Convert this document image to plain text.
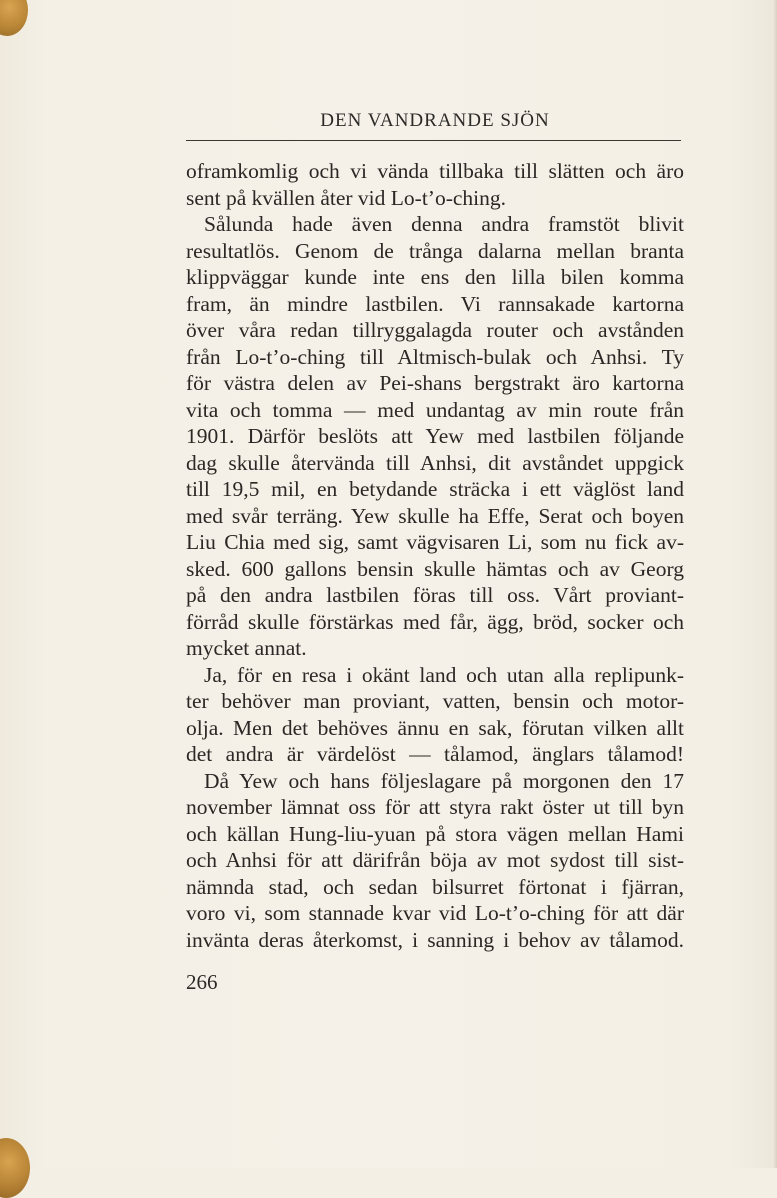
DEN VANDRANDE SJÖN
oframkomlig och vi vända tillbaka till slätten och äro
sent på kvällen åter vid Lo-t’o-ching.
Sålunda hade även denna andra framstöt blivit
resultatlös. Genom de trånga dalarna mellan branta
klippväggar kunde inte ens den lilla bilen komma
fram, än mindre lastbilen. Vi rannsakade kartorna
över våra redan tillryggalagda router och avstånden
från Lo-t’o-ching till Altmisch-bulak och Anhsi. Ty
för västra delen av Pei-shans bergstrakt äro kartorna
vita och tomma — med undantag av min route från
1901. Därför beslöts att Yew med lastbilen följande
dag skulle återvända till Anhsi, dit avståndet uppgick
till 19,5 mil, en betydande sträcka i ett väglöst land
med svår terräng. Yew skulle ha Effe, Serat och boyen
Liu Chia med sig, samt vägvisaren Li, som nu fick av-
sked. 600 gallons bensin skulle hämtas och av Georg
på den andra lastbilen föras till oss. Vårt proviant-
förråd skulle förstärkas med får, ägg, bröd, socker och
mycket annat.
Ja, för en resa i okänt land och utan alla replipunk-
ter behöver man proviant, vatten, bensin och motor-
olja. Men det behöves ännu en sak, förutan vilken allt
det andra är värdelöst — tålamod, änglars tålamod!
Då Yew och hans följeslagare på morgonen den 17
november lämnat oss för att styra rakt öster ut till byn
och källan Hung-liu-yuan på stora vägen mellan Hami
och Anhsi för att därifrån böja av mot sydost till sist-
nämnda stad, och sedan bilsurret förtonat i fjärran,
voro vi, som stannade kvar vid Lo-t’o-ching för att där
invänta deras återkomst, i sanning i behov av tålamod.
266
